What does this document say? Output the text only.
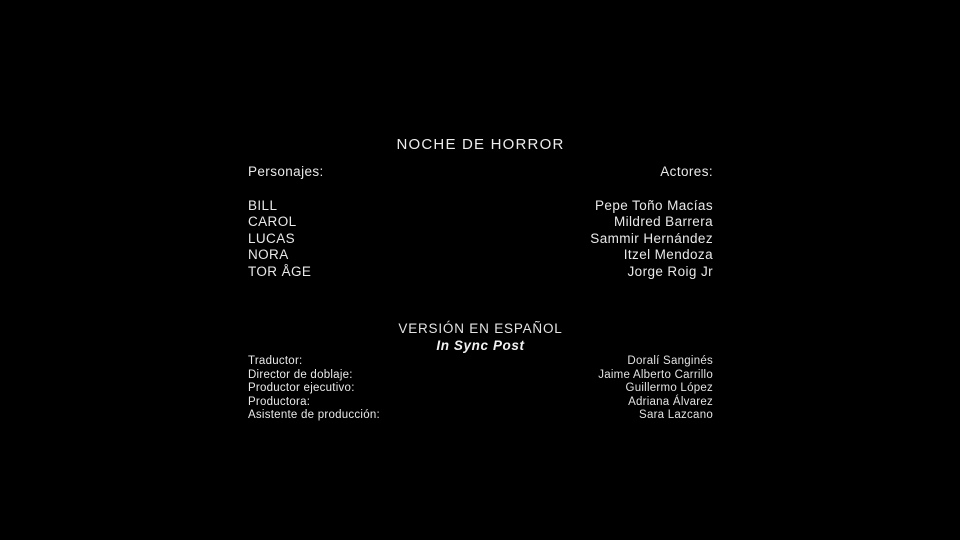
NOCHE DE HORROR
Personajes:	Actores:
BILL	Pepe Toño Macías
CAROL	Mildred Barrera
LUCAS	Sammir Hernández
NORA	Itzel Mendoza
TOR ÅGE	Jorge Roig Jr
VERSIÓN EN ESPAÑOL
In Sync Post
Traductor:	Doralí Sanginés
Director de doblaje:	Jaime Alberto Carrillo
Productor ejecutivo:	Guillermo López
Productora:	Adriana Álvarez
Asistente de producción:	Sara Lazcano
